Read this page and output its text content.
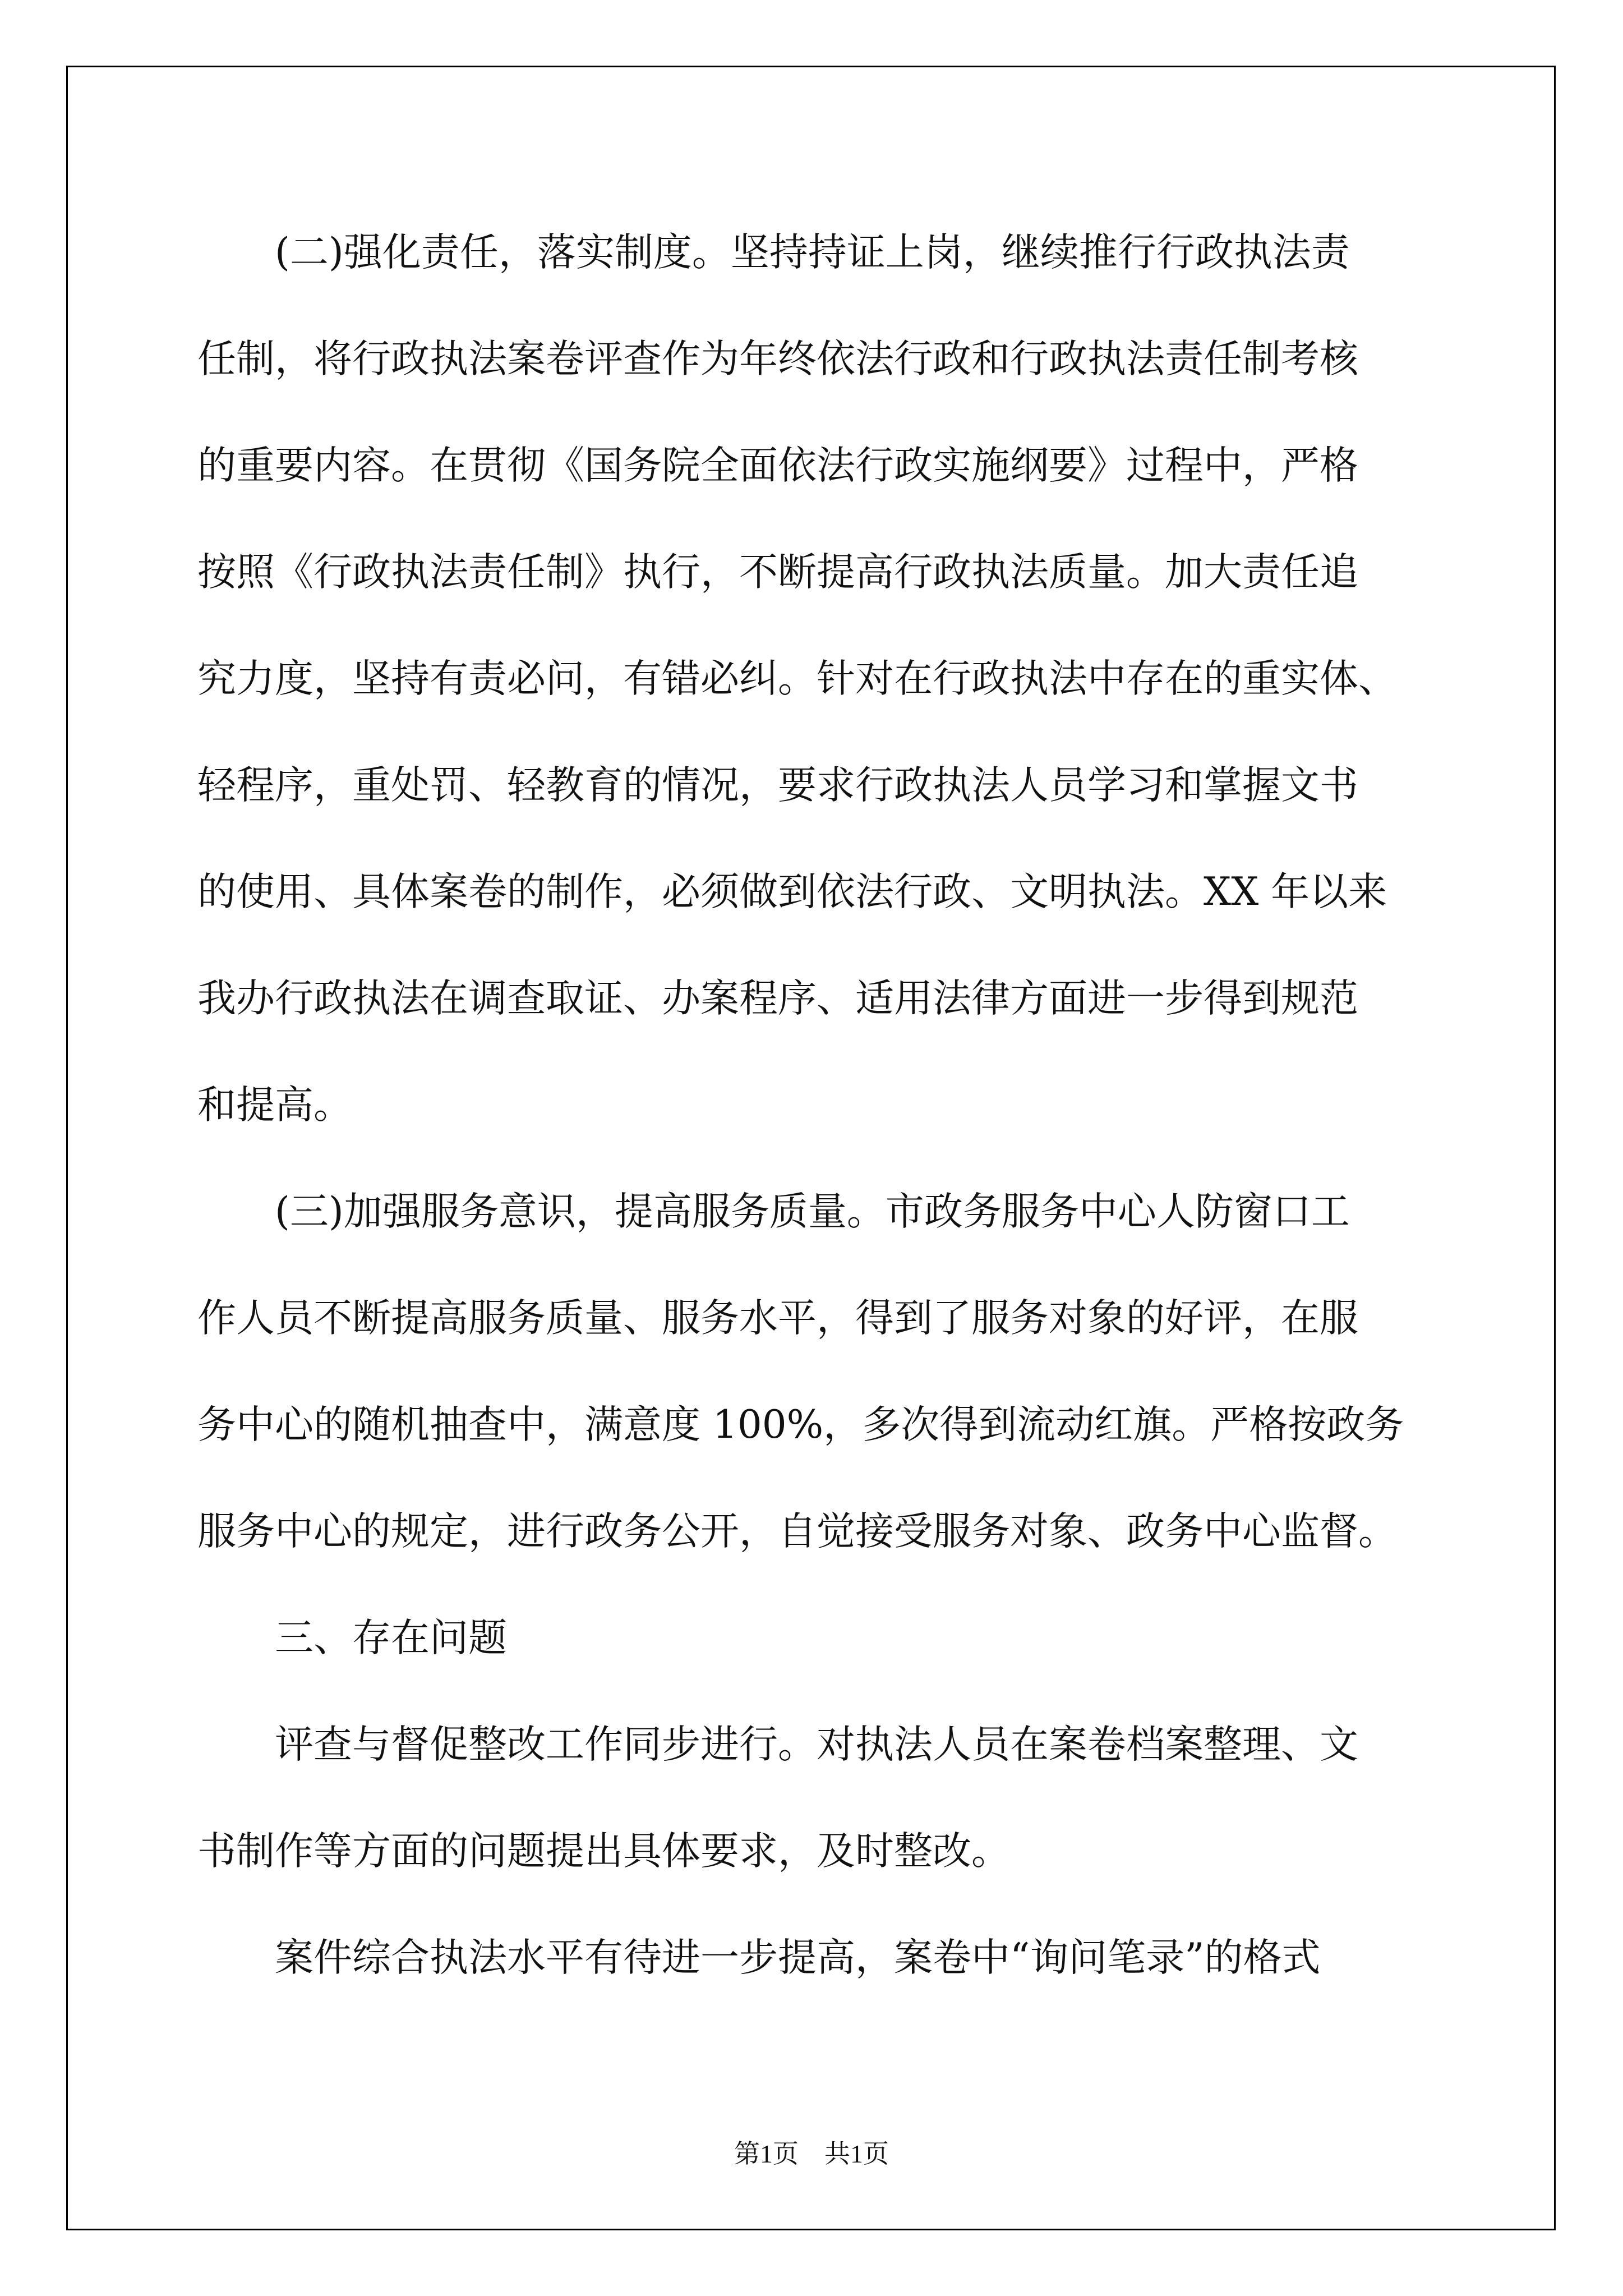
　　(二)强化责任，落实制度。坚持持证上岗，继续推行行政执法责

任制，将行政执法案卷评查作为年终依法行政和行政执法责任制考核

的重要内容。在贯彻《国务院全面依法行政实施纲要》过程中，严格

按照《行政执法责任制》执行，不断提高行政执法质量。加大责任追

究力度，坚持有责必问，有错必纠。针对在行政执法中存在的重实体、

轻程序，重处罚、轻教育的情况，要求行政执法人员学习和掌握文书

的使用、具体案卷的制作，必须做到依法行政、文明执法。XX 年以来

我办行政执法在调查取证、办案程序、适用法律方面进一步得到规范

和提高。

　　(三)加强服务意识，提高服务质量。市政务服务中心人防窗口工

作人员不断提高服务质量、服务水平，得到了服务对象的好评，在服

务中心的随机抽查中，满意度 100%，多次得到流动红旗。严格按政务

服务中心的规定，进行政务公开，自觉接受服务对象、政务中心监督。

　　三、存在问题

　　评查与督促整改工作同步进行。对执法人员在案卷档案整理、文

书制作等方面的问题提出具体要求，及时整改。

　　案件综合执法水平有待进一步提高，案卷中“询问笔录”的格式

第1页　共1页
